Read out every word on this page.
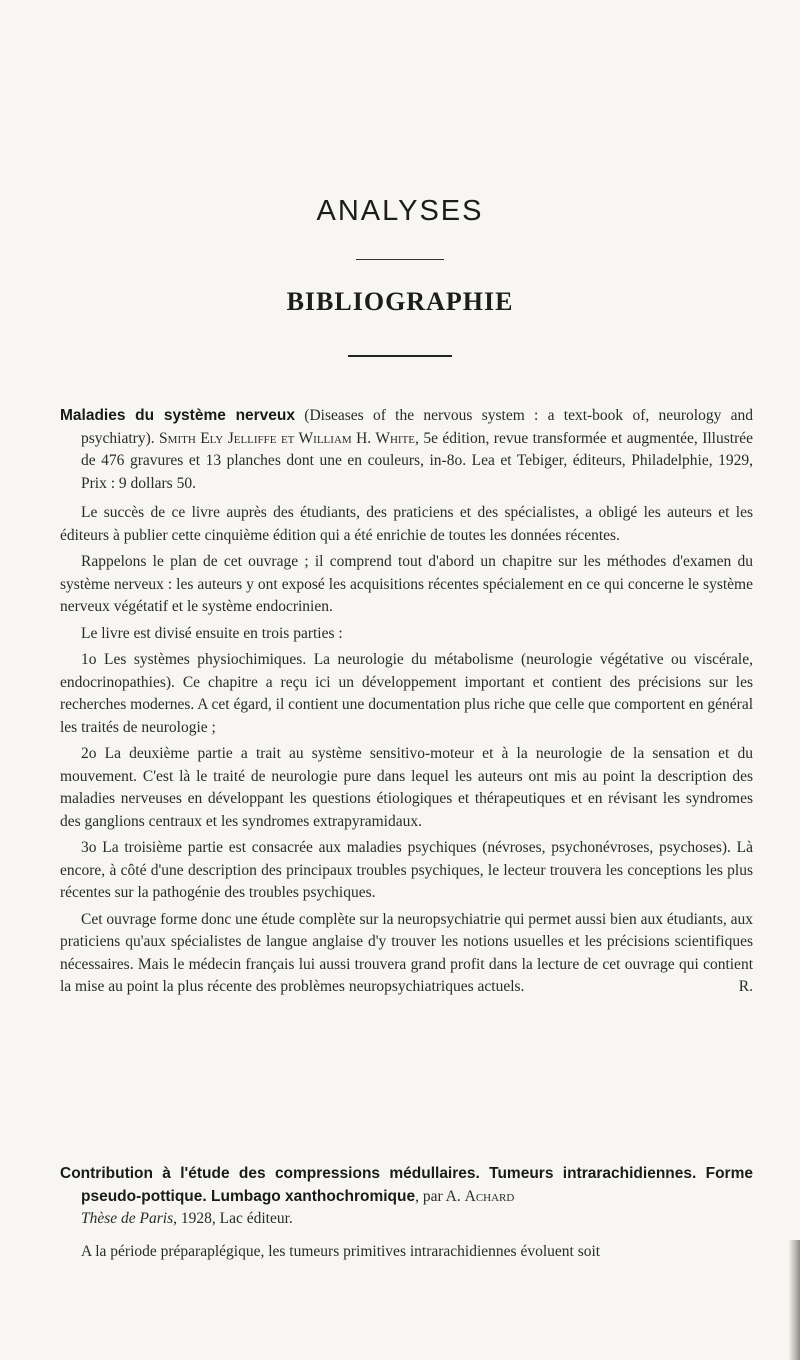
ANALYSES
BIBLIOGRAPHIE

Maladies du système nerveux (Diseases of the nervous system : a text-book of, neurology and psychiatry). Smith Ely Jelliffe et William H. White, 5e édition, revue transformée et augmentée, Illustrée de 476 gravures et 13 planches dont une en couleurs, in-8o. Lea et Tebiger, éditeurs, Philadelphie, 1929, Prix : 9 dollars 50.

Le succès de ce livre auprès des étudiants, des praticiens et des spécialistes, a obligé les auteurs et les éditeurs à publier cette cinquième édition qui a été enrichie de toutes les données récentes.

Rappelons le plan de cet ouvrage ; il comprend tout d'abord un chapitre sur les méthodes d'examen du système nerveux : les auteurs y ont exposé les acquisitions récentes spécialement en ce qui concerne le système nerveux végétatif et le système endocrinien.

Le livre est divisé ensuite en trois parties :

1o Les systèmes physiochimiques. La neurologie du métabolisme (neurologie végétative ou viscérale, endocrinopathies). Ce chapitre a reçu ici un développement important et contient des précisions sur les recherches modernes. A cet égard, il contient une documentation plus riche que celle que comportent en général les traités de neurologie ;

2o La deuxième partie a trait au système sensitivo-moteur et à la neurologie de la sensation et du mouvement. C'est là le traité de neurologie pure dans lequel les auteurs ont mis au point la description des maladies nerveuses en développant les questions étiologiques et thérapeutiques et en révisant les syndromes des ganglions centraux et les syndromes extrapyramidaux.

3o La troisième partie est consacrée aux maladies psychiques (névroses, psychonévroses, psychoses). Là encore, à côté d'une description des principaux troubles psychiques, le lecteur trouvera les conceptions les plus récentes sur la pathogénie des troubles psychiques.

Cet ouvrage forme donc une étude complète sur la neuropsychiatrie qui permet aussi bien aux étudiants, aux praticiens qu'aux spécialistes de langue anglaise d'y trouver les notions usuelles et les précisions scientifiques nécessaires. Mais le médecin français lui aussi trouvera grand profit dans la lecture de cet ouvrage qui contient la mise au point la plus récente des problèmes neuropsychiatriques actuels.	R.

Contribution à l'étude des compressions médullaires. Tumeurs intrarachidiennes. Forme pseudo-pottique. Lumbago xanthochromique, par A. Achard
Thèse de Paris, 1928, Lac éditeur.

A la période préparaplégique, les tumeurs primitives intrarachidiennes évoluent soit
